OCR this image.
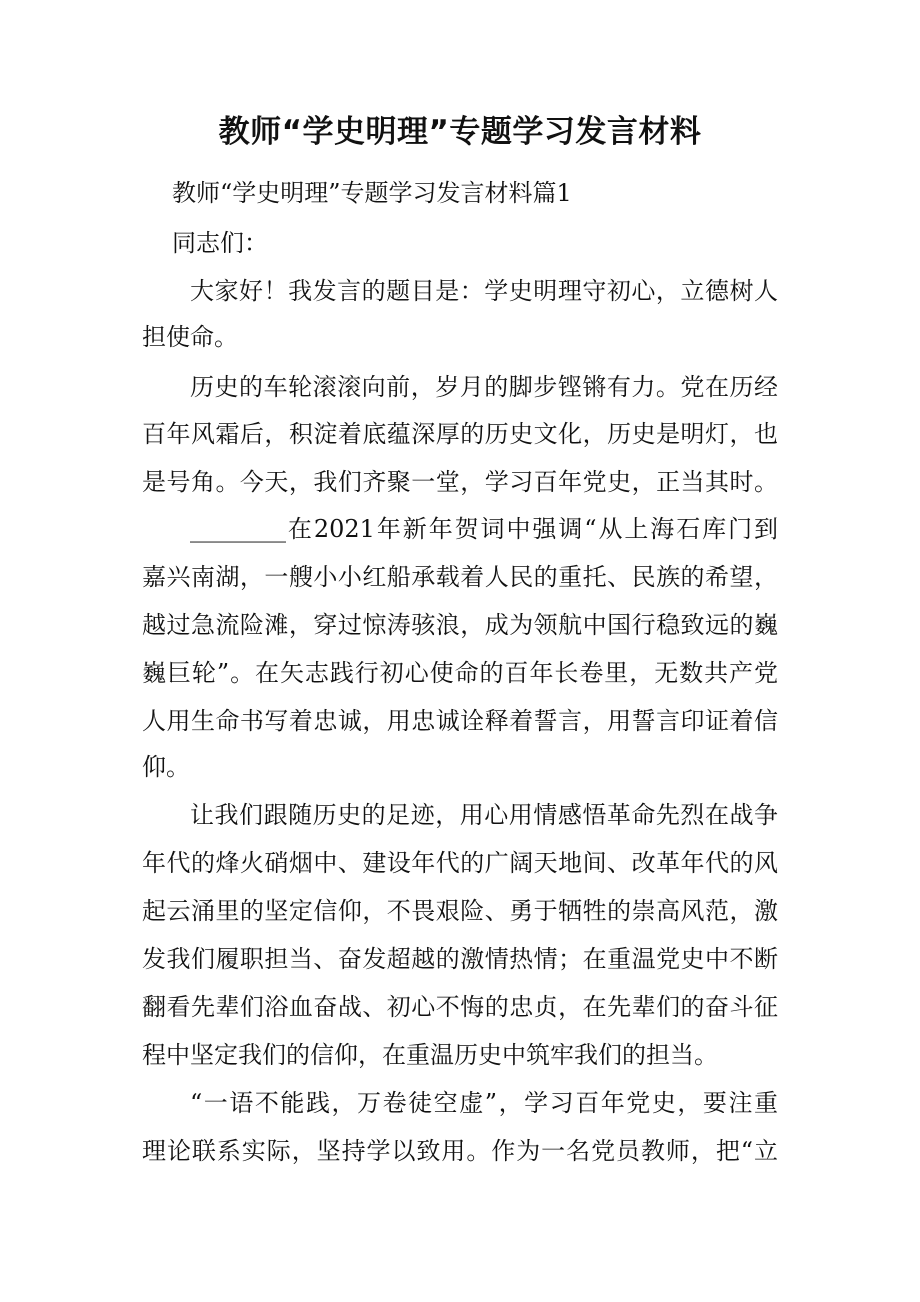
教师“学史明理”专题学习发言材料

教师“学史明理”专题学习发言材料篇1

同志们：

大家好！我发言的题目是：学史明理守初心，立德树人

担使命。

历史的车轮滚滚向前，岁月的脚步铿锵有力。党在历经

百年风霜后，积淀着底蕴深厚的历史文化，历史是明灯，也

是号角。今天，我们齐聚一堂，学习百年党史，正当其时。

________在2021年新年贺词中强调“从上海石库门到

嘉兴南湖，一艘小小红船承载着人民的重托、民族的希望，

越过急流险滩，穿过惊涛骇浪，成为领航中国行稳致远的巍

巍巨轮”。在矢志践行初心使命的百年长卷里，无数共产党

人用生命书写着忠诚，用忠诚诠释着誓言，用誓言印证着信

仰。

让我们跟随历史的足迹，用心用情感悟革命先烈在战争

年代的烽火硝烟中、建设年代的广阔天地间、改革年代的风

起云涌里的坚定信仰，不畏艰险、勇于牺牲的崇高风范，激

发我们履职担当、奋发超越的激情热情；在重温党史中不断

翻看先辈们浴血奋战、初心不悔的忠贞，在先辈们的奋斗征

程中坚定我们的信仰，在重温历史中筑牢我们的担当。

“一语不能践，万卷徒空虚”，学习百年党史，要注重

理论联系实际，坚持学以致用。作为一名党员教师，把“立
